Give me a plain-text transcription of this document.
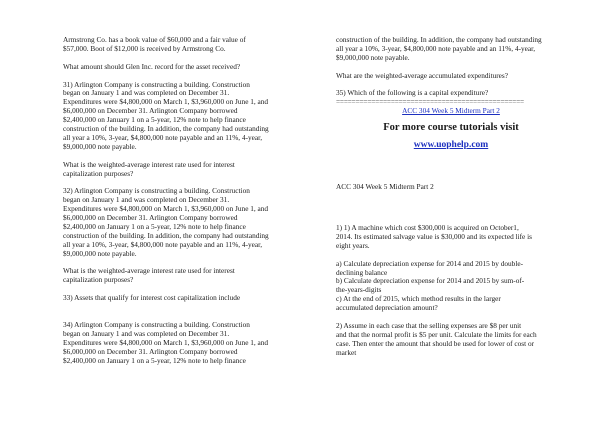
Armstrong Co. has a book value of $60,000 and a fair value of
$57,000. Boot of $12,000 is received by Armstrong Co.

What amount should Glen Inc. record for the asset received?

31) Arlington Company is constructing a building. Construction
began on January 1 and was completed on December 31.
Expenditures were $4,800,000 on March 1, $3,960,000 on June 1, and
$6,000,000 on December 31. Arlington Company borrowed
$2,400,000 on January 1 on a 5-year, 12% note to help finance
construction of the building. In addition, the company had outstanding
all year a 10%, 3-year, $4,800,000 note payable and an 11%, 4-year,
$9,000,000 note payable.

What is the weighted-average interest rate used for interest
capitalization purposes?

32) Arlington Company is constructing a building. Construction
began on January 1 and was completed on December 31.
Expenditures were $4,800,000 on March 1, $3,960,000 on June 1, and
$6,000,000 on December 31. Arlington Company borrowed
$2,400,000 on January 1 on a 5-year, 12% note to help finance
construction of the building. In addition, the company had outstanding
all year a 10%, 3-year, $4,800,000 note payable and an 11%, 4-year,
$9,000,000 note payable.

What is the weighted-average interest rate used for interest
capitalization purposes?

33) Assets that qualify for interest cost capitalization include

34) Arlington Company is constructing a building. Construction
began on January 1 and was completed on December 31.
Expenditures were $4,800,000 on March 1, $3,960,000 on June 1, and
$6,000,000 on December 31. Arlington Company borrowed
$2,400,000 on January 1 on a 5-year, 12% note to help finance

construction of the building. In addition, the company had outstanding
all year a 10%, 3-year, $4,800,000 note payable and an 11%, 4-year,
$9,000,000 note payable.

What are the weighted-average accumulated expenditures?

35) Which of the following is a capital expenditure?

================================================

ACC 304 Week 5 Midterm Part 2

For more course tutorials visit

www.uophelp.com

ACC 304 Week 5 Midterm Part 2

1) 1) A machine which cost $300,000 is acquired on October1,
2014. Its estimated salvage value is $30,000 and its expected life is
eight years.

a) Calculate depreciation expense for 2014 and 2015 by double-
declining balance

b) Calculate depreciation expense for 2014 and 2015 by sum-of-
the-years-digits

c) At the end of 2015, which method results in the larger
accumulated depreciation amount?

2) Assume in each case that the selling expenses are $8 per unit
and that the normal profit is $5 per unit. Calculate the limits for each
case. Then enter the amount that should be used for lower of cost or
market
